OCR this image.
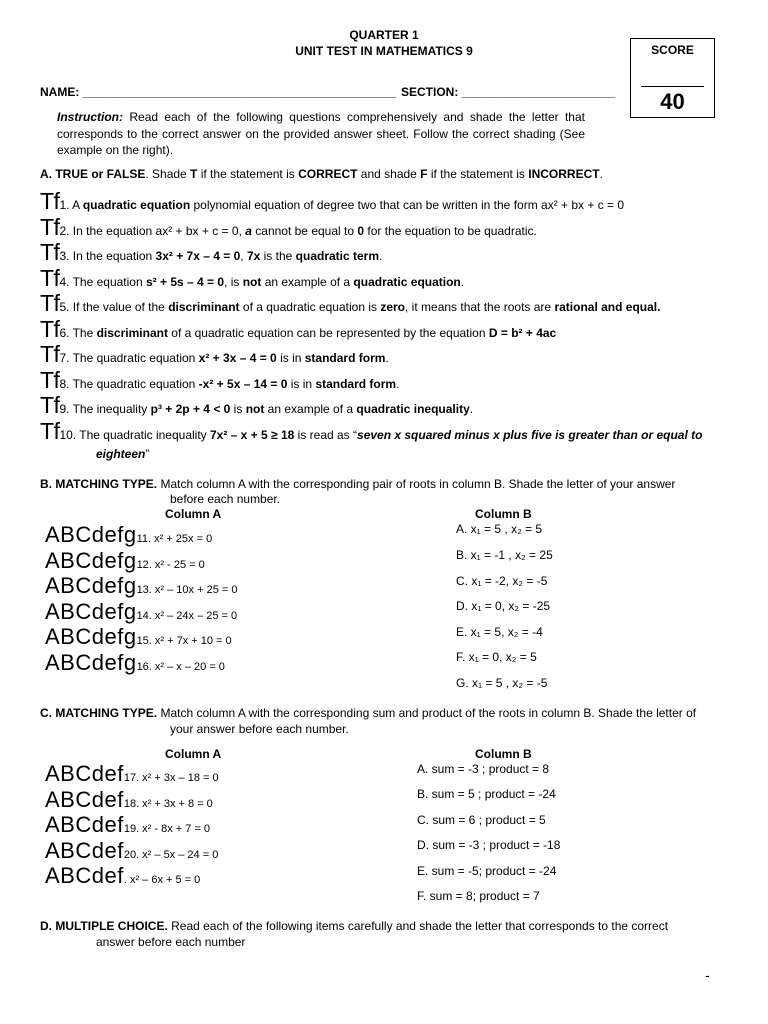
QUARTER 1
UNIT TEST IN MATHEMATICS 9	SCORE
40
NAME: _______________________________________________ SECTION: _______________________
Instruction: Read each of the following questions comprehensively and shade the letter that corresponds to the correct answer on the provided answer sheet. Follow the correct shading (See example on the right).
A. TRUE or FALSE. Shade T if the statement is CORRECT and shade F if the statement is INCORRECT.
Tf1. A quadratic equation polynomial equation of degree two that can be written in the form ax² + bx + c = 0
Tf2. In the equation ax² + bx + c = 0, a cannot be equal to 0 for the equation to be quadratic.
Tf3. In the equation 3x² + 7x – 4 = 0, 7x is the quadratic term.
Tf4. The equation s² + 5s – 4 = 0, is not an example of a quadratic equation.
Tf5. If the value of the discriminant of a quadratic equation is zero, it means that the roots are rational and equal.
Tf6. The discriminant of a quadratic equation can be represented by the equation D = b² + 4ac
Tf7. The quadratic equation x² + 3x – 4 = 0 is in standard form.
Tf8. The quadratic equation -x² + 5x – 14 = 0 is in standard form.
Tf9. The inequality p³ + 2p + 4 < 0 is not an example of a quadratic inequality.
Tf10. The quadratic inequality 7x² – x + 5 ≥ 18 is read as “seven x squared minus x plus five is greater than or equal to
eighteen”
B. MATCHING TYPE. Match column A with the corresponding pair of roots in column B. Shade the letter of your answer
before each number.
Column A	Column B
ABCdefg11. x² + 25x = 0
ABCdefg12. x² - 25 = 0
ABCdefg13. x² – 10x + 25 = 0
ABCdefg14. x² – 24x – 25 = 0
ABCdefg15. x² + 7x + 10 = 0
ABCdefg16. x² – x – 20 = 0
A. x₁ = 5 , x₂ = 5
B. x₁ = -1 , x₂ = 25
C. x₁ = -2, x₂ = -5
D. x₁ = 0, x₂ = -25
E. x₁ = 5, x₂ = -4
F. x₁ = 0, x₂ = 5
G. x₁ = 5 , x₂ = -5
C. MATCHING TYPE. Match column A with the corresponding sum and product of the roots in column B. Shade the letter of
your answer before each number.
Column A	Column B
ABCdef17. x² + 3x – 18 = 0
ABCdef18. x² + 3x + 8 = 0
ABCdef19. x² - 8x + 7 = 0
ABCdef20. x² – 5x – 24 = 0
ABCdef. x² – 6x + 5 = 0
A. sum = -3 ; product = 8
B. sum = 5 ; product = -24
C. sum = 6 ; product = 5
D. sum = -3 ; product = -18
E. sum = -5; product = -24
F. sum = 8; product = 7
D. MULTIPLE CHOICE. Read each of the following items carefully and shade the letter that corresponds to the correct
answer before each number
-
